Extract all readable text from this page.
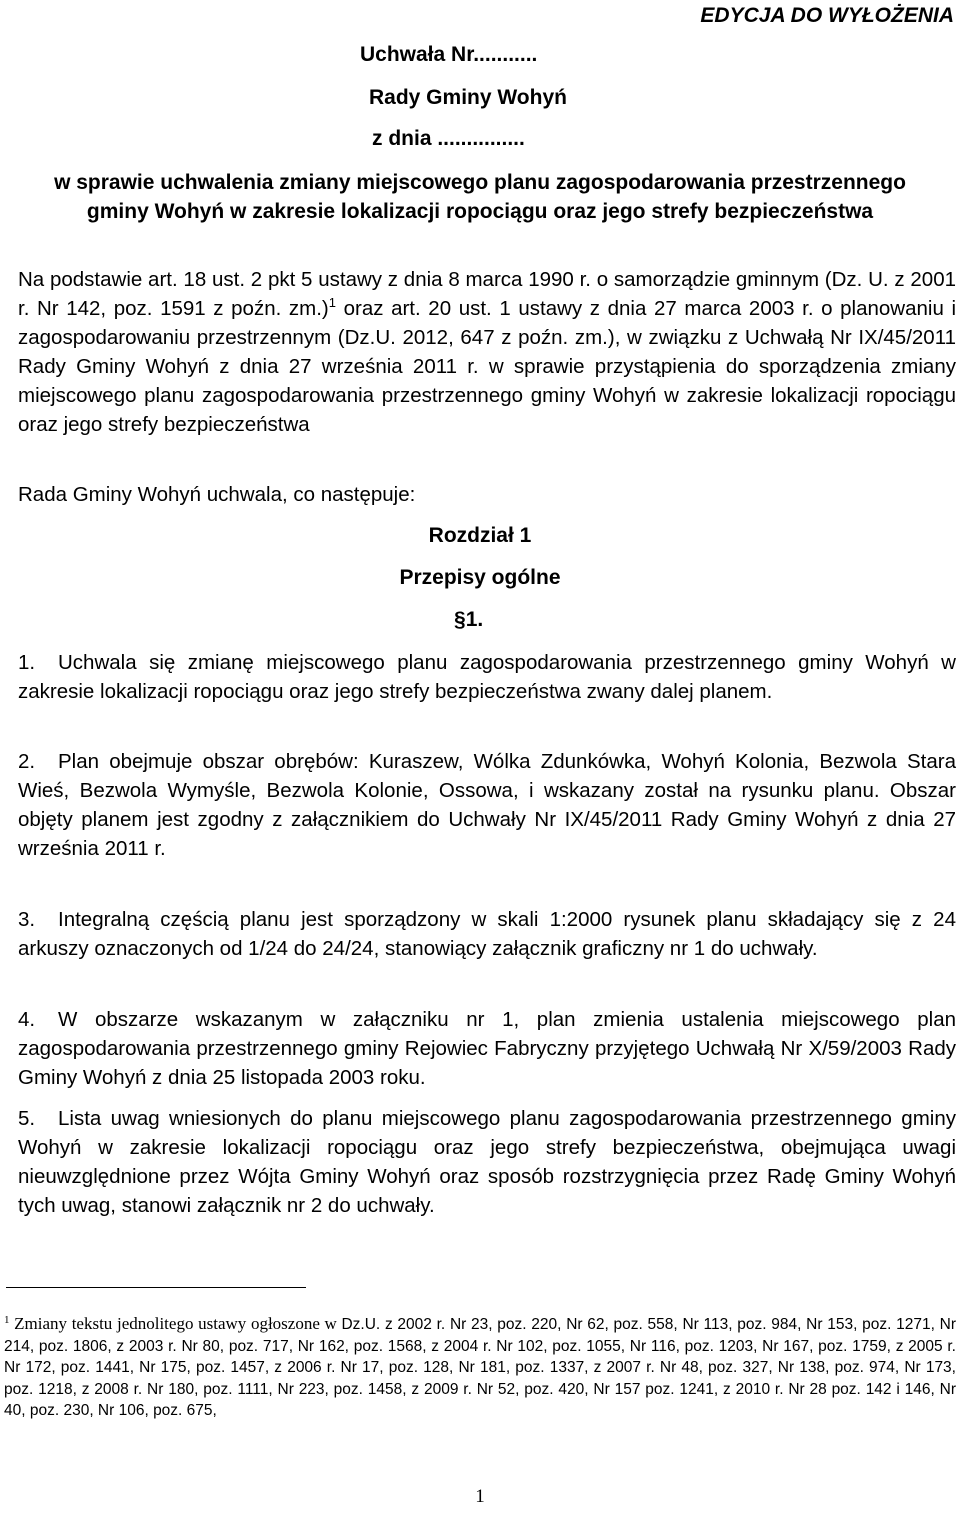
EDYCJA DO WYŁOŻENIA
Uchwała Nr...........
Rady Gminy Wohyń
z dnia ...............
w sprawie uchwalenia zmiany miejscowego planu zagospodarowania przestrzennego gminy Wohyń w zakresie lokalizacji ropociągu oraz jego strefy bezpieczeństwa
Na podstawie art. 18 ust. 2 pkt 5 ustawy z dnia 8 marca 1990 r. o samorządzie gminnym (Dz. U. z 2001 r. Nr 142, poz. 1591 z poźn. zm.)$^1$ oraz art. 20 ust. 1 ustawy z dnia 27 marca 2003 r. o planowaniu i zagospodarowaniu przestrzennym (Dz.U. 2012, 647 z poźn. zm.), w związku z Uchwałą Nr IX/45/2011 Rady Gminy Wohyń z dnia 27 września 2011 r. w sprawie przystąpienia do sporządzenia zmiany miejscowego planu zagospodarowania przestrzennego gminy Wohyń w zakresie lokalizacji ropociągu oraz jego strefy bezpieczeństwa
Rada Gminy Wohyń uchwala, co następuje:
Rozdział 1
Przepisy ogólne
§1.
1. Uchwala się zmianę miejscowego planu zagospodarowania przestrzennego gminy Wohyń w zakresie lokalizacji ropociągu oraz jego strefy bezpieczeństwa zwany dalej planem.
2. Plan obejmuje obszar obrębów: Kuraszew, Wólka Zdunkówka, Wohyń Kolonia, Bezwola Stara Wieś, Bezwola Wymyśle, Bezwola Kolonie, Ossowa, i wskazany został na rysunku planu. Obszar objęty planem jest zgodny z załącznikiem do Uchwały Nr IX/45/2011 Rady Gminy Wohyń z dnia 27 września 2011 r.
3. Integralną częścią planu jest sporządzony w skali 1:2000 rysunek planu składający się z 24 arkuszy oznaczonych od 1/24 do 24/24, stanowiący załącznik graficzny nr 1 do uchwały.
4. W obszarze wskazanym w załączniku nr 1, plan zmienia ustalenia miejscowego plan zagospodarowania przestrzennego gminy Rejowiec Fabryczny przyjętego Uchwałą Nr X/59/2003 Rady Gminy Wohyń z dnia 25 listopada 2003 roku.
5. Lista uwag wniesionych do planu miejscowego planu zagospodarowania przestrzennego gminy Wohyń w zakresie lokalizacji ropociągu oraz jego strefy bezpieczeństwa, obejmująca uwagi nieuwzględnione przez Wójta Gminy Wohyń oraz sposób rozstrzygnięcia przez Radę Gminy Wohyń tych uwag, stanowi załącznik nr 2 do uchwały.
$^1$ Zmiany tekstu jednolitego ustawy ogłoszone w Dz.U. z 2002 r. Nr 23, poz. 220, Nr 62, poz. 558, Nr 113, poz. 984, Nr 153, poz. 1271, Nr 214, poz. 1806, z 2003 r. Nr 80, poz. 717, Nr 162, poz. 1568, z 2004 r. Nr 102, poz. 1055, Nr 116, poz. 1203, Nr 167, poz. 1759, z 2005 r. Nr 172, poz. 1441, Nr 175, poz. 1457, z 2006 r. Nr 17, poz. 128, Nr 181, poz. 1337, z 2007 r. Nr 48, poz. 327, Nr 138, poz. 974, Nr 173, poz. 1218, z 2008 r. Nr 180, poz. 1111, Nr 223, poz. 1458, z 2009 r. Nr 52, poz. 420, Nr 157 poz. 1241, z 2010 r. Nr 28 poz. 142 i 146, Nr 40, poz. 230, Nr 106, poz. 675,
1
